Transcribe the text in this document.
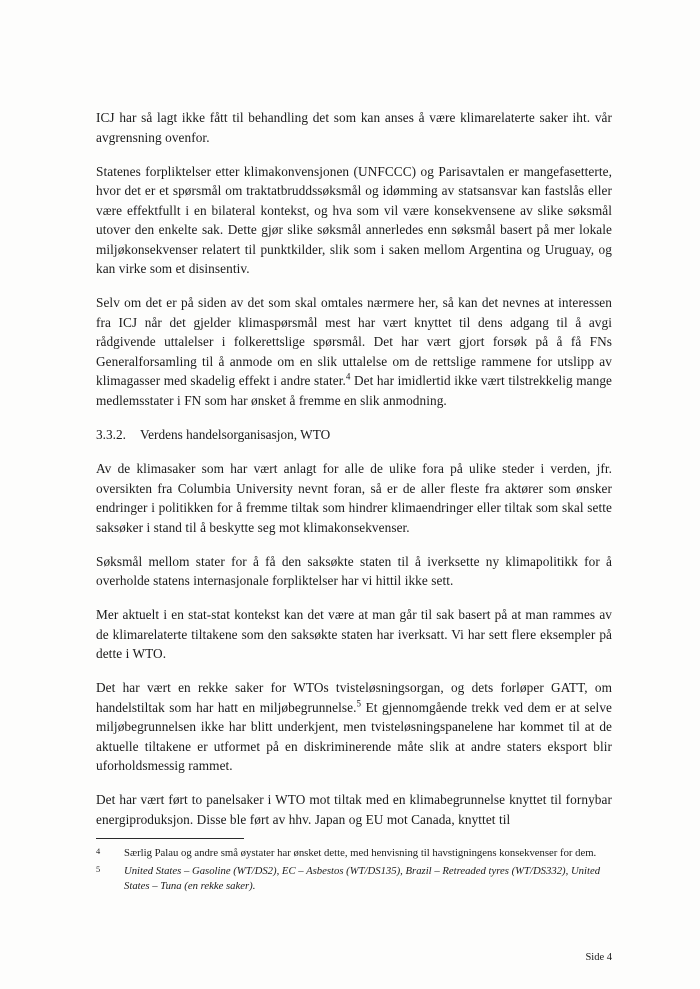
ICJ har så lagt ikke fått til behandling det som kan anses å være klimarelaterte saker iht. vår avgrensning ovenfor.

Statenes forpliktelser etter klimakonvensjonen (UNFCCC) og Parisavtalen er mangefasetterte, hvor det er et spørsmål om traktatbruddssøksmål og idømming av statsansvar kan fastslås eller være effektfullt i en bilateral kontekst, og hva som vil være konsekvensene av slike søksmål utover den enkelte sak. Dette gjør slike søksmål annerledes enn søksmål basert på mer lokale miljøkonsekvenser relatert til punktkilder, slik som i saken mellom Argentina og Uruguay, og kan virke som et disinsentiv.

Selv om det er på siden av det som skal omtales nærmere her, så kan det nevnes at interessen fra ICJ når det gjelder klimaspørsmål mest har vært knyttet til dens adgang til å avgi rådgivende uttalelser i folkerettslige spørsmål. Det har vært gjort forsøk på å få FNs Generalforsamling til å anmode om en slik uttalelse om de rettslige rammene for utslipp av klimagasser med skadelig effekt i andre stater.$^4$ Det har imidlertid ikke vært tilstrekkelig mange medlemsstater i FN som har ønsket å fremme en slik anmodning.

3.3.2. Verdens handelsorganisasjon, WTO

Av de klimasaker som har vært anlagt for alle de ulike fora på ulike steder i verden, jfr. oversikten fra Columbia University nevnt foran, så er de aller fleste fra aktører som ønsker endringer i politikken for å fremme tiltak som hindrer klimaendringer eller tiltak som skal sette saksøker i stand til å beskytte seg mot klimakonsekvenser.

Søksmål mellom stater for å få den saksøkte staten til å iverksette ny klimapolitikk for å overholde statens internasjonale forpliktelser har vi hittil ikke sett.

Mer aktuelt i en stat-stat kontekst kan det være at man går til sak basert på at man rammes av de klimarelaterte tiltakene som den saksøkte staten har iverksatt. Vi har sett flere eksempler på dette i WTO.

Det har vært en rekke saker for WTOs tvisteløsningsorgan, og dets forløper GATT, om handelstiltak som har hatt en miljøbegrunnelse.$^5$ Et gjennomgående trekk ved dem er at selve miljøbegrunnelsen ikke har blitt underkjent, men tvisteløsningspanelene har kommet til at de aktuelle tiltakene er utformet på en diskriminerende måte slik at andre staters eksport blir uforholdsmessig rammet.

Det har vært ført to panelsaker i WTO mot tiltak med en klimabegrunnelse knyttet til fornybar energiproduksjon. Disse ble ført av hhv. Japan og EU mot Canada, knyttet til

4	Særlig Palau og andre små øystater har ønsket dette, med henvisning til havstigningens konsekvenser for dem.
5	United States – Gasoline (WT/DS2), EC – Asbestos (WT/DS135), Brazil – Retreaded tyres (WT/DS332), United States – Tuna (en rekke saker).
Side 4
